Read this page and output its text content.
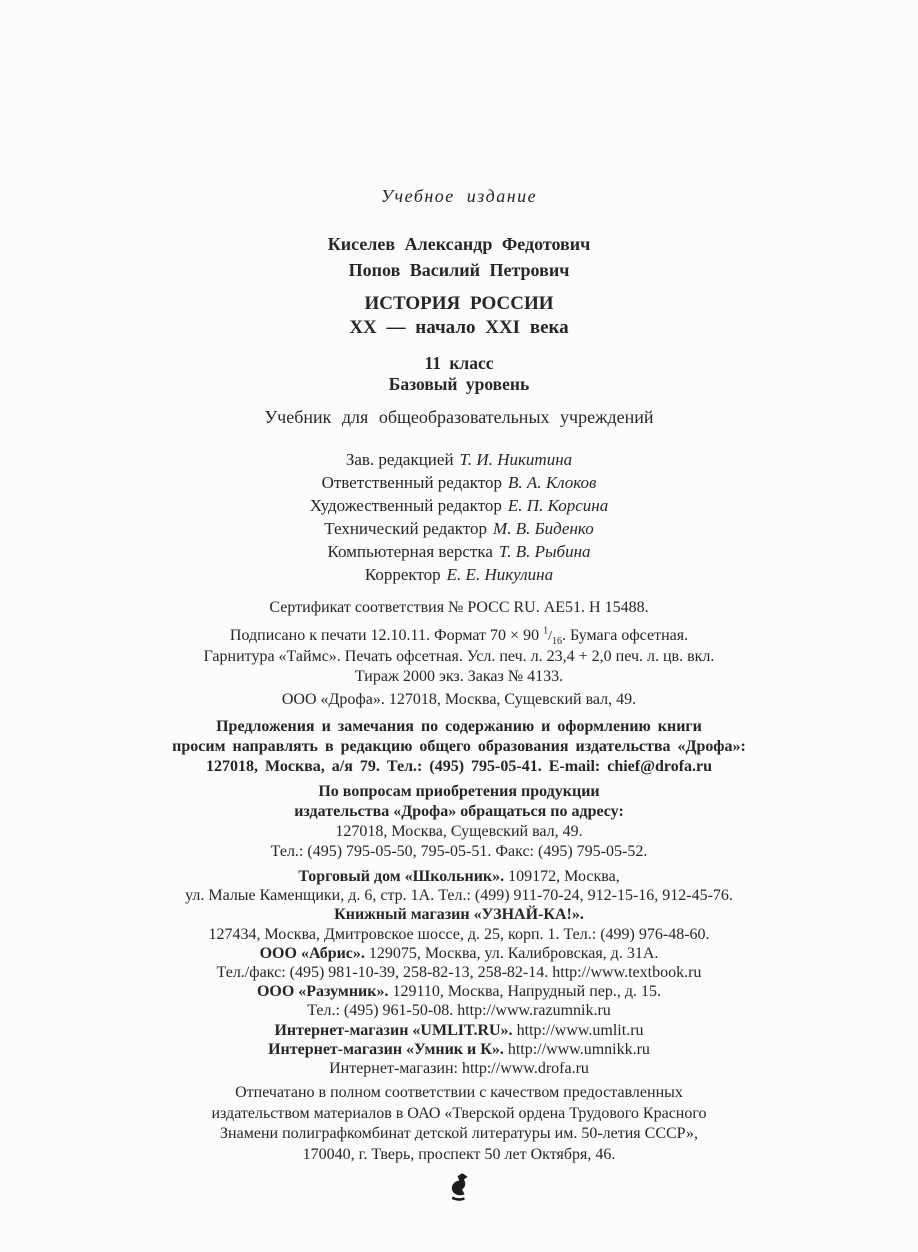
Учебное издание
Киселев Александр Федотович
Попов Василий Петрович
ИСТОРИЯ РОССИИ
XX — начало XXI века
11 класс
Базовый уровень
Учебник для общеобразовательных учреждений
Зав. редакцией Т. И. Никитина
Ответственный редактор В. А. Клоков
Художественный редактор Е. П. Корсина
Технический редактор М. В. Биденко
Компьютерная верстка Т. В. Рыбина
Корректор Е. Е. Никулина
Сертификат соответствия № РОСС RU. АЕ51. Н 15488.
Подписано к печати 12.10.11. Формат 70 × 90 $^1/_{16}$. Бумага офсетная.
Гарнитура «Таймс». Печать офсетная. Усл. печ. л. 23,4 + 2,0 печ. л. цв. вкл.
Тираж 2000 экз. Заказ № 4133.
ООО «Дрофа». 127018, Москва, Сущевский вал, 49.
Предложения и замечания по содержанию и оформлению книги
просим направлять в редакцию общего образования издательства «Дрофа»:
127018, Москва, а/я 79. Тел.: (495) 795-05-41. E-mail: chief@drofa.ru
По вопросам приобретения продукции
издательства «Дрофа» обращаться по адресу:
127018, Москва, Сущевский вал, 49.
Тел.: (495) 795-05-50, 795-05-51. Факс: (495) 795-05-52.
Торговый дом «Школьник». 109172, Москва,
ул. Малые Каменщики, д. 6, стр. 1А. Тел.: (499) 911-70-24, 912-15-16, 912-45-76.
Книжный магазин «УЗНАЙ-КА!».
127434, Москва, Дмитровское шоссе, д. 25, корп. 1. Тел.: (499) 976-48-60.
ООО «Абрис». 129075, Москва, ул. Калибровская, д. 31А.
Тел./факс: (495) 981-10-39, 258-82-13, 258-82-14. http://www.textbook.ru
ООО «Разумник». 129110, Москва, Напрудный пер., д. 15.
Тел.: (495) 961-50-08. http://www.razumnik.ru
Интернет-магазин «UMLIT.RU». http://www.umlit.ru
Интернет-магазин «Умник и К». http://www.umnikk.ru
Интернет-магазин: http://www.drofa.ru
Отпечатано в полном соответствии с качеством предоставленных
издательством материалов в ОАО «Тверской ордена Трудового Красного
Знамени полиграфкомбинат детской литературы им. 50-летия СССР»,
170040, г. Тверь, проспект 50 лет Октября, 46.
